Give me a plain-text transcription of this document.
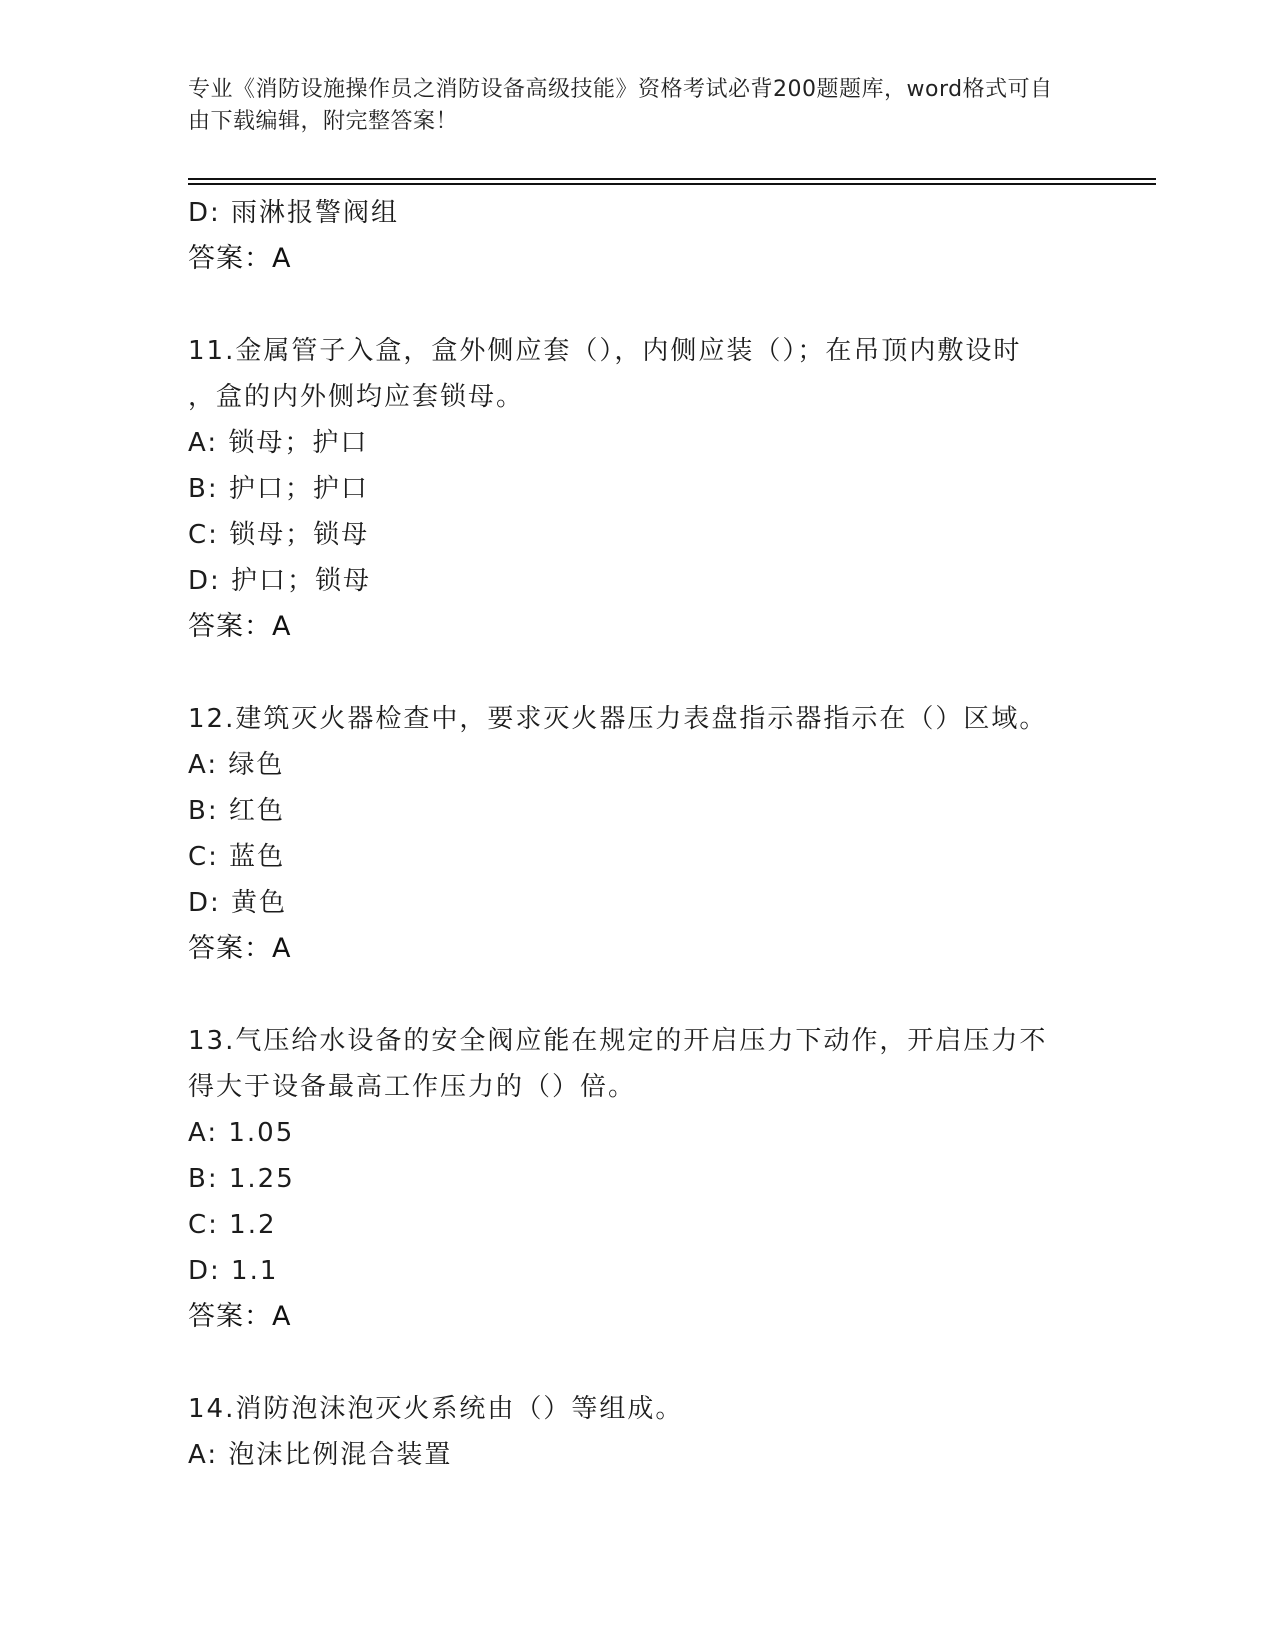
专业《消防设施操作员之消防设备高级技能》资格考试必背200题题库，word格式可自由下载编辑，附完整答案！
D: 雨淋报警阀组
答案：A
11.金属管子入盒，盒外侧应套（），内侧应装（）；在吊顶内敷设时
，盒的内外侧均应套锁母。
A: 锁母；护口
B: 护口；护口
C: 锁母；锁母
D: 护口；锁母
答案：A
12.建筑灭火器检查中，要求灭火器压力表盘指示器指示在（）区域。
A: 绿色
B: 红色
C: 蓝色
D: 黄色
答案：A
13.气压给水设备的安全阀应能在规定的开启压力下动作，开启压力不
得大于设备最高工作压力的（）倍。
A: 1.05
B: 1.25
C: 1.2
D: 1.1
答案：A
14.消防泡沫泡灭火系统由（）等组成。
A: 泡沫比例混合装置
